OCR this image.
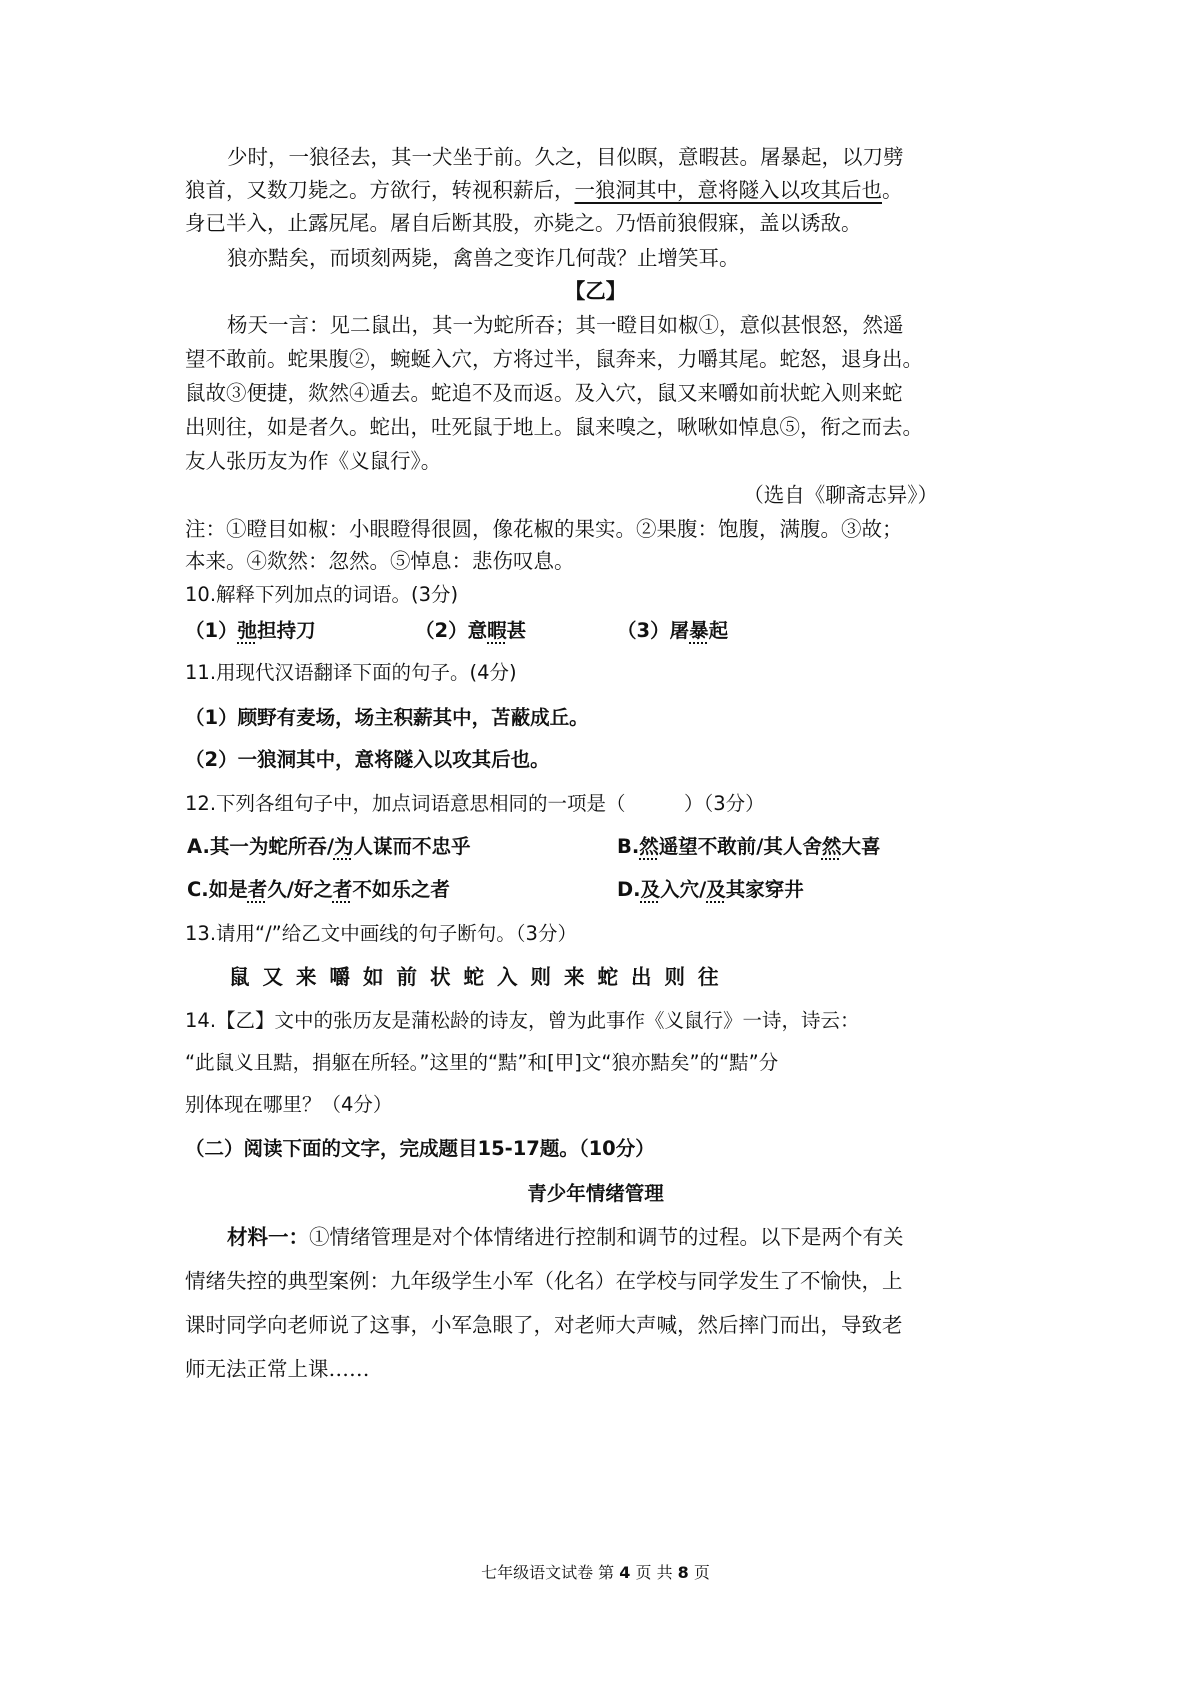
少时，一狼径去，其一犬坐于前。久之，目似瞑，意暇甚。屠暴起，以刀劈
狼首，又数刀毙之。方欲行，转视积薪后，一狼洞其中，意将隧入以攻其后也。
身已半入，止露尻尾。屠自后断其股，亦毙之。乃悟前狼假寐，盖以诱敌。
狼亦黠矣，而顷刻两毙，禽兽之变诈几何哉？止增笑耳。
【乙】
杨天一言：见二鼠出，其一为蛇所吞；其一瞪目如椒①，意似甚恨怒，然遥
望不敢前。蛇果腹②，蜿蜒入穴，方将过半，鼠奔来，力嚼其尾。蛇怒，退身出。
鼠故③便捷，欻然④遁去。蛇追不及而返。及入穴，鼠又来嚼如前状蛇入则来蛇
出则往，如是者久。蛇出，吐死鼠于地上。鼠来嗅之，啾啾如悼息⑤，衔之而去。
友人张历友为作《义鼠行》。
（选自《聊斋志异》）
注：①瞪目如椒：小眼瞪得很圆，像花椒的果实。②果腹：饱腹，满腹。③故；
本来。④欻然：忽然。⑤悼息：悲伤叹息。
10.解释下列加点的词语。(3分)
（1）弛担持刀	（2）意暇甚	（3）屠暴起
11.用现代汉语翻译下面的句子。(4分)
（1）顾野有麦场，场主积薪其中，苫蔽成丘。
（2）一狼洞其中，意将隧入以攻其后也。
12.下列各组句子中，加点词语意思相同的一项是（　　　）（3分）
A.其一为蛇所吞/为人谋而不忠乎	B.然遥望不敢前/其人舍然大喜
C.如是者久/好之者不如乐之者	D.及入穴/及其家穿井
13.请用“/”给乙文中画线的句子断句。（3分）
鼠又来嚼如前状蛇入则来蛇出则往
14.【乙】文中的张历友是蒲松龄的诗友，曾为此事作《义鼠行》一诗，诗云：
“此鼠义且黠，捐躯在所轻。”这里的“黠”和[甲]文“狼亦黠矣”的“黠”分
别体现在哪里？（4分）
（二）阅读下面的文字，完成题目15-17题。（10分）
青少年情绪管理
材料一：①情绪管理是对个体情绪进行控制和调节的过程。以下是两个有关
情绪失控的典型案例：九年级学生小军（化名）在学校与同学发生了不愉快，上
课时同学向老师说了这事，小军急眼了，对老师大声喊，然后摔门而出，导致老
师无法正常上课……
七年级语文试卷 第 4 页 共 8 页
